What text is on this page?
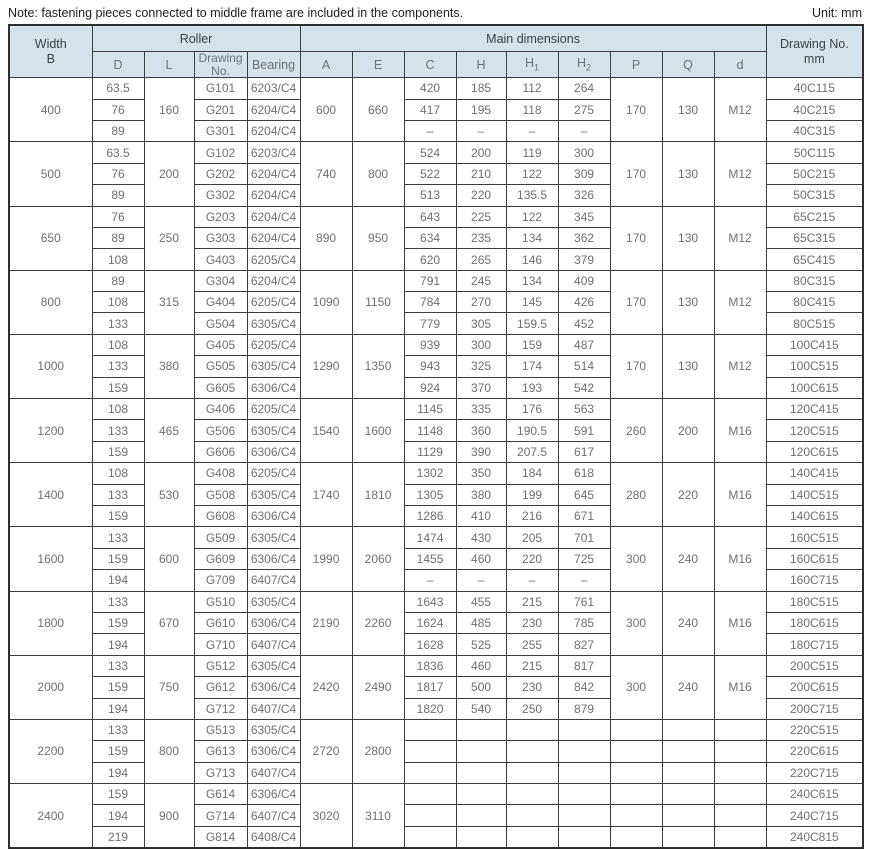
Note: fastening pieces connected to middle frame are included in the components.	Unit: mm
Width
B	Roller				Main dimensions									Drawing No.
mm
	D	L	Drawing No.	Bearing	A	E	C	H	$H_1$	$H_2$	P	Q	d	
400	63.5	160	G101	6203/C4	600	660	420	185	112	264	170	130	M12	40C115
	76		G201	6204/C4			417	195	118	275				40C215
	89		G301	6204/C4			–	–	–	–				40C315
500	63.5	200	G102	6203/C4	740	800	524	200	119	300	170	130	M12	50C115
	76		G202	6204/C4			522	210	122	309				50C215
	89		G302	6204/C4			513	220	135.5	326				50C315
650	76	250	G203	6204/C4	890	950	643	225	122	345	170	130	M12	65C215
	89		G303	6204/C4			634	235	134	362				65C315
	108		G403	6205/C4			620	265	146	379				65C415
800	89	315	G304	6204/C4	1090	1150	791	245	134	409	170	130	M12	80C315
	108		G404	6205/C4			784	270	145	426				80C415
	133		G504	6305/C4			779	305	159.5	452				80C515
1000	108	380	G405	6205/C4	1290	1350	939	300	159	487	170	130	M12	100C415
	133		G505	6305/C4			943	325	174	514				100C515
	159		G605	6306/C4			924	370	193	542				100C615
1200	108	465	G406	6205/C4	1540	1600	1145	335	176	563	260	200	M16	120C415
	133		G506	6305/C4			1148	360	190.5	591				120C515
	159		G606	6306/C4			1129	390	207.5	617				120C615
1400	108	530	G408	6205/C4	1740	1810	1302	350	184	618	280	220	M16	140C415
	133		G508	6305/C4			1305	380	199	645				140C515
	159		G608	6306/C4			1286	410	216	671				140C615
1600	133	600	G509	6305/C4	1990	2060	1474	430	205	701	300	240	M16	160C515
	159		G609	6306/C4			1455	460	220	725				160C615
	194		G709	6407/C4			–	–	–	–				160C715
1800	133	670	G510	6305/C4	2190	2260	1643	455	215	761	300	240	M16	180C515
	159		G610	6306/C4			1624	485	230	785				180C615
	194		G710	6407/C4			1628	525	255	827				180C715
2000	133	750	G512	6305/C4	2420	2490	1836	460	215	817	300	240	M16	200C515
	159		G612	6306/C4			1817	500	230	842				200C615
	194		G712	6407/C4			1820	540	250	879				200C715
2200	133	800	G513	6305/C4	2720	2800								220C515
	159		G613	6306/C4										220C615
	194		G713	6407/C4										220C715
2400	159	900	G614	6306/C4	3020	3110								240C615
	194		G714	6407/C4										240C715
	219		G814	6408/C4										240C815
